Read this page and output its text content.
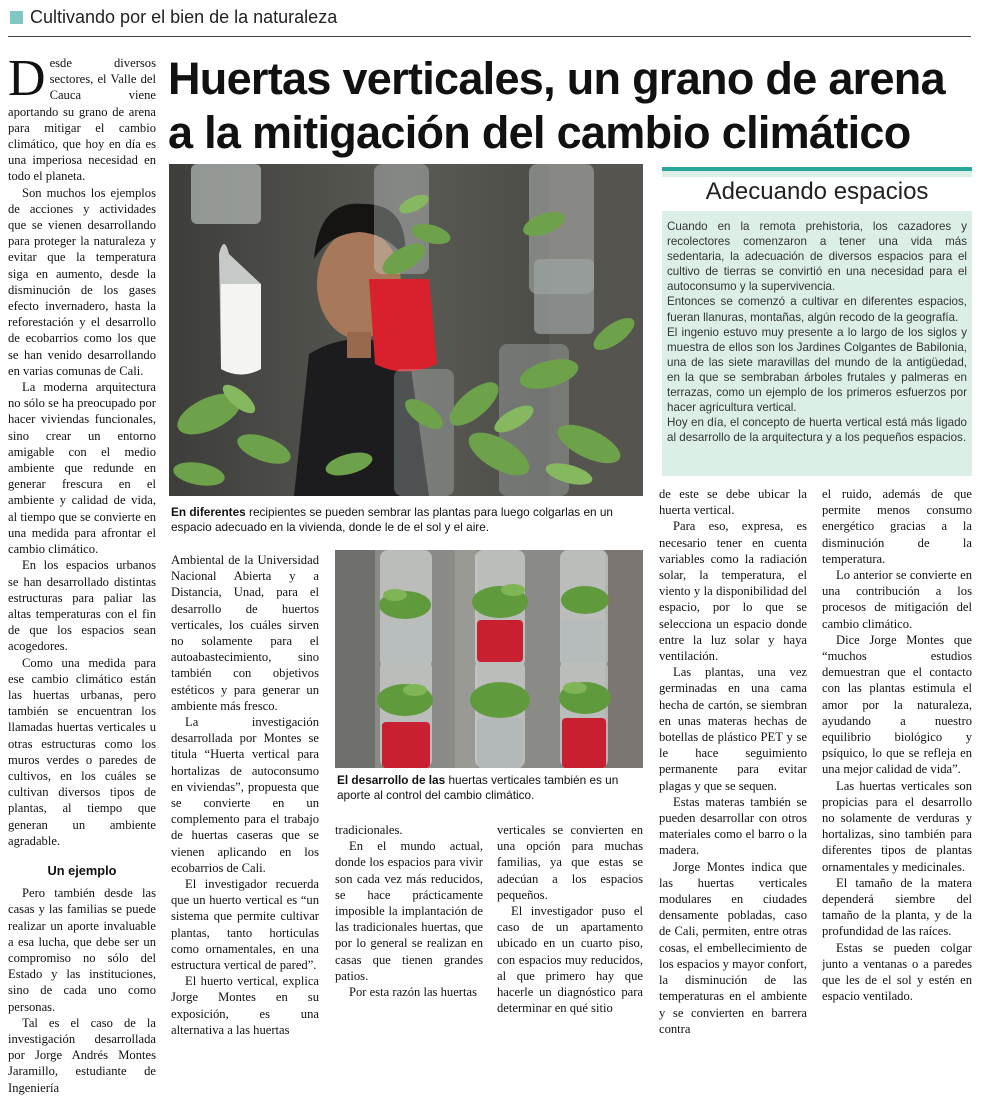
Cultivando por el bien de la naturaleza
Huertas verticales, un grano de arena a la mitigación del cambio climático

Desde diversos sectores, el Valle del Cauca viene aportando su grano de arena para mitigar el cambio climático, que hoy en día es una imperiosa necesidad en todo el planeta.

Son muchos los ejemplos de acciones y actividades que se vienen desarrollando para proteger la naturaleza y evitar que la temperatura siga en aumento, desde la disminución de los gases efecto invernadero, hasta la reforestación y el desarrollo de ecobarrios como los que se han venido desarrollando en varias comunas de Cali.

La moderna arquitectura no sólo se ha preocupado por hacer viviendas funcionales, sino crear un entorno amigable con el medio ambiente que redunde en generar frescura en el ambiente y calidad de vida, al tiempo que se convierte en una medida para afrontar el cambio climático.

En los espacios urbanos se han desarrollado distintas estructuras para paliar las altas temperaturas con el fin de que los espacios sean acogedores.

Como una medida para ese cambio climático están las huertas urbanas, pero también se encuentran los llamadas huertas verticales u otras estructuras como los muros verdes o paredes de cultivos, en los cuáles se cultivan diversos tipos de plantas, al tiempo que generan un ambiente agradable.

Un ejemplo

Pero también desde las casas y las familias se puede realizar un aporte invaluable a esa lucha, que debe ser un compromiso no sólo del Estado y las instituciones, sino de cada uno como personas.

Tal es el caso de la investigación desarrollada por Jorge Andrés Montes Jaramillo, estudiante de Ingeniería

En diferentes recipientes se pueden sembrar las plantas para luego colgarlas en un espacio adecuado en la vivienda, donde le de el sol y el aire.
Adecuando espacios

Cuando en la remota prehistoria, los cazadores y recolectores comenzaron a tener una vida más sedentaria, la adecuación de diversos espacios para el cultivo de tierras se convirtió en una necesidad para el autoconsumo y la supervivencia.

Entonces se comenzó a cultivar en diferentes espacios, fueran llanuras, montañas, algún recodo de la geografía.

El ingenio estuvo muy presente a lo largo de los siglos y muestra de ellos son los Jardines Colgantes de Babilonia, una de las siete maravillas del mundo de la antigüedad, en la que se sembraban árboles frutales y palmeras en terrazas, como un ejemplo de los primeros esfuerzos por hacer agricultura vertical.

Hoy en día, el concepto de huerta vertical está más ligado al desarrollo de la arquitectura y a los pequeños espacios.

Ambiental de la Universidad Nacional Abierta y a Distancia, Unad, para el desarrollo de huertos verticales, los cuáles sirven no solamente para el autoabastecimiento, sino también con objetivos estéticos y para generar un ambiente más fresco.

La investigación desarrollada por Montes se titula “Huerta vertical para hortalizas de autoconsumo en viviendas”, propuesta que se convierte en un complemento para el trabajo de huertas caseras que se vienen aplicando en los ecobarrios de Cali.

El investigador recuerda que un huerto vertical es “un sistema que permite cultivar plantas, tanto horticulas como ornamentales, en una estructura vertical de pared”.

El huerto vertical, explica Jorge Montes en su exposición, es una alternativa a las huertas

El desarrollo de las huertas verticales también es un aporte al control del cambio climático.

tradicionales.

En el mundo actual, donde los espacios para vivir son cada vez más reducidos, se hace prácticamente imposible la implantación de las tradicionales huertas, que por lo general se realizan en casas que tienen grandes patios.

Por esta razón las huertas

verticales se convierten en una opción para muchas familias, ya que estas se adecúan a los espacios pequeños.

El investigador puso el caso de un apartamento ubicado en un cuarto piso, con espacios muy reducidos, al que primero hay que hacerle un diagnóstico para determinar en qué sitio

de este se debe ubicar la huerta vertical.

Para eso, expresa, es necesario tener en cuenta variables como la radiación solar, la temperatura, el viento y la disponibilidad del espacio, por lo que se selecciona un espacio donde entre la luz solar y haya ventilación.

Las plantas, una vez germinadas en una cama hecha de cartón, se siembran en unas materas hechas de botellas de plástico PET y se le hace seguimiento permanente para evitar plagas y que se sequen.

Estas materas también se pueden desarrollar con otros materiales como el barro o la madera.

Jorge Montes indica que las huertas verticales modulares en ciudades densamente pobladas, caso de Cali, permiten, entre otras cosas, el embellecimiento de los espacios y mayor confort, la disminución de las temperaturas en el ambiente y se convierten en barrera contra

el ruido, además de que permite menos consumo energético gracias a la disminución de la temperatura.

Lo anterior se convierte en una contribución a los procesos de mitigación del cambio climático.

Dice Jorge Montes que “muchos estudios demuestran que el contacto con las plantas estimula el amor por la naturaleza, ayudando a nuestro equilibrio biológico y psíquico, lo que se refleja en una mejor calidad de vida”.

Las huertas verticales son propicias para el desarrollo no solamente de verduras y hortalizas, sino también para diferentes tipos de plantas ornamentales y medicinales.

El tamaño de la matera dependerá siembre del tamaño de la planta, y de la profundidad de las raíces.

Estas se pueden colgar junto a ventanas o a paredes que les de el sol y estén en espacio ventilado.
